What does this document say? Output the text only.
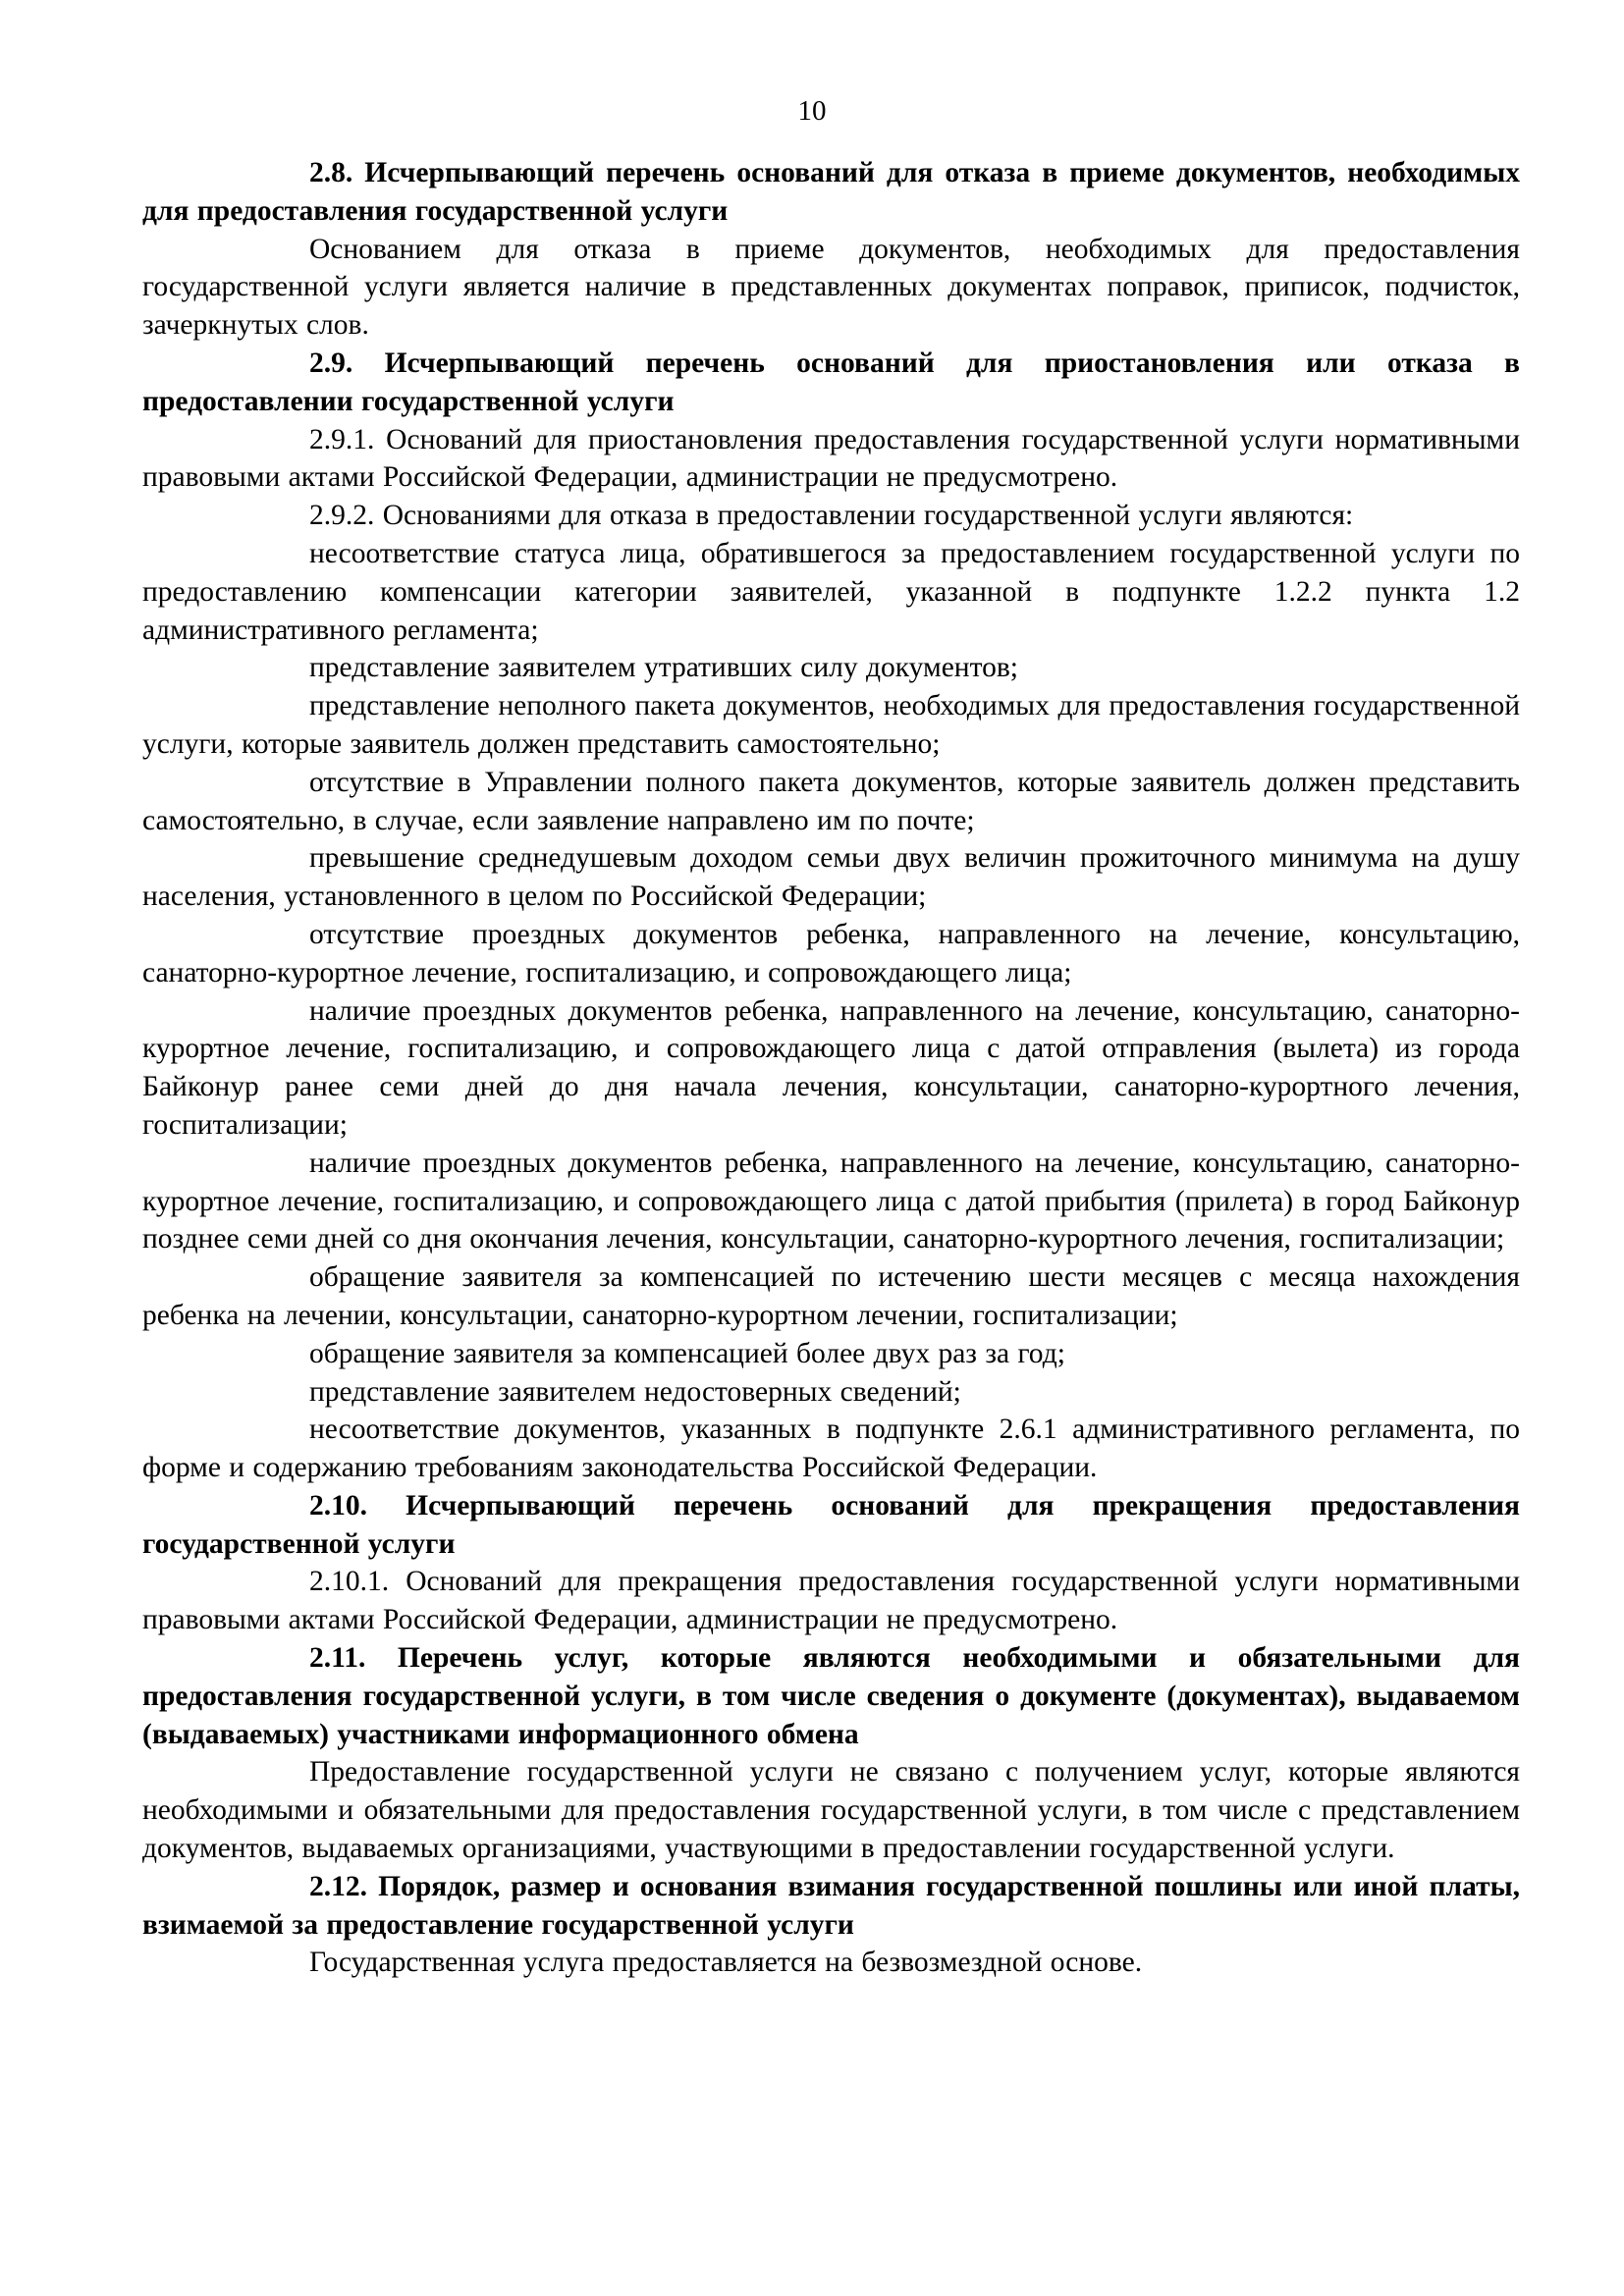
10

2.8. Исчерпывающий перечень оснований для отказа в приеме документов, необходимых для предоставления государственной услуги

Основанием для отказа в приеме документов, необходимых для предоставления государственной услуги является наличие в представленных документах поправок, приписок, подчисток, зачеркнутых слов.

2.9. Исчерпывающий перечень оснований для приостановления или отказа в предоставлении государственной услуги

2.9.1. Оснований для приостановления предоставления государственной услуги нормативными правовыми актами Российской Федерации, администрации не предусмотрено.

2.9.2. Основаниями для отказа в предоставлении государственной услуги являются:

несоответствие статуса лица, обратившегося за предоставлением государственной услуги по предоставлению компенсации категории заявителей, указанной в подпункте 1.2.2 пункта 1.2 административного регламента;

представление заявителем утративших силу документов;

представление неполного пакета документов, необходимых для предоставления государственной услуги, которые заявитель должен представить самостоятельно;

отсутствие в Управлении полного пакета документов, которые заявитель должен представить самостоятельно, в случае, если заявление направлено им по почте;

превышение среднедушевым доходом семьи двух величин прожиточного минимума на душу населения, установленного в целом по Российской Федерации;

отсутствие проездных документов ребенка, направленного на лечение, консультацию, санаторно-курортное лечение, госпитализацию, и сопровождающего лица;

наличие проездных документов ребенка, направленного на лечение, консультацию, санаторно-курортное лечение, госпитализацию, и сопровождающего лица с датой отправления (вылета) из города Байконур ранее семи дней до дня начала лечения, консультации, санаторно-курортного лечения, госпитализации;

наличие проездных документов ребенка, направленного на лечение, консультацию, санаторно-курортное лечение, госпитализацию, и сопровождающего лица с датой прибытия (прилета) в город Байконур позднее семи дней со дня окончания лечения, консультации, санаторно-курортного лечения, госпитализации;

обращение заявителя за компенсацией по истечению шести месяцев с месяца нахождения ребенка на лечении, консультации, санаторно-курортном лечении, госпитализации;

обращение заявителя за компенсацией более двух раз за год;

представление заявителем недостоверных сведений;

несоответствие документов, указанных в подпункте 2.6.1 административного регламента, по форме и содержанию требованиям законодательства Российской Федерации.

2.10. Исчерпывающий перечень оснований для прекращения предоставления государственной услуги

2.10.1. Оснований для прекращения предоставления государственной услуги нормативными правовыми актами Российской Федерации, администрации не предусмотрено.

2.11. Перечень услуг, которые являются необходимыми и обязательными для предоставления государственной услуги, в том числе сведения о документе (документах), выдаваемом (выдаваемых) участниками информационного обмена

Предоставление государственной услуги не связано с получением услуг, которые являются необходимыми и обязательными для предоставления государственной услуги, в том числе с представлением документов, выдаваемых организациями, участвующими в предоставлении государственной услуги.

2.12. Порядок, размер и основания взимания государственной пошлины или иной платы, взимаемой за предоставление государственной услуги

Государственная услуга предоставляется на безвозмездной основе.
